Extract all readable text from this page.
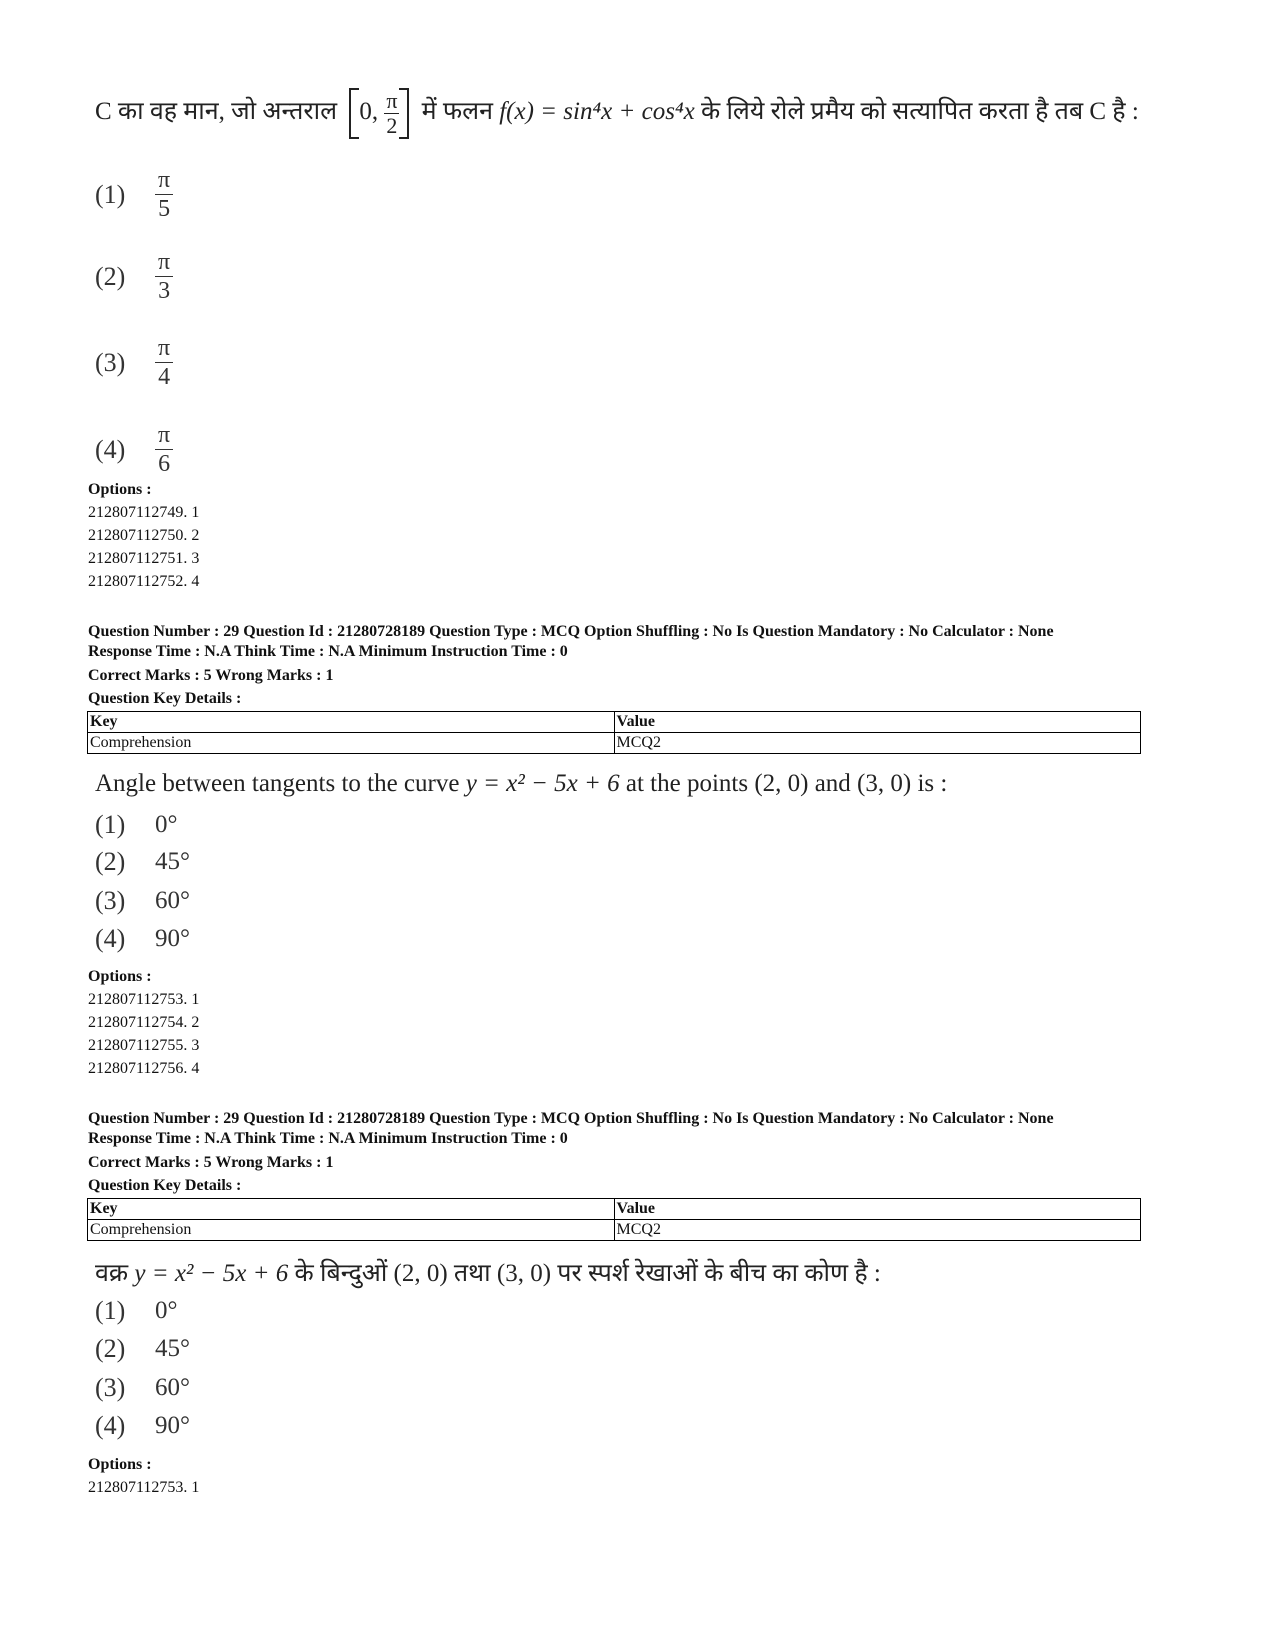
C का वह मान, जो अन्तराल 0, $\frac{\pi}{2}$ में फलन f(x) = sin⁴x + cos⁴x के लिये रोले प्रमैय को सत्यापित करता है तब C है :
(1)	$\frac{\pi}{5}$
(2)	$\frac{\pi}{3}$
(3)	$\frac{\pi}{4}$
(4)	$\frac{\pi}{6}$
Options :
212807112749. 1
212807112750. 2
212807112751. 3
212807112752. 4
Question Number : 29 Question Id : 21280728189 Question Type : MCQ Option Shuffling : No Is Question Mandatory : No Calculator : None
Response Time : N.A Think Time : N.A Minimum Instruction Time : 0
Correct Marks : 5 Wrong Marks : 1
Question Key Details :
Key	Value
Comprehension	MCQ2
Angle between tangents to the curve y = x² − 5x + 6 at the points (2, 0) and (3, 0) is :
(1)	0°
(2)	45°
(3)	60°
(4)	90°
Options :
212807112753. 1
212807112754. 2
212807112755. 3
212807112756. 4
Question Number : 29 Question Id : 21280728189 Question Type : MCQ Option Shuffling : No Is Question Mandatory : No Calculator : None
Response Time : N.A Think Time : N.A Minimum Instruction Time : 0
Correct Marks : 5 Wrong Marks : 1
Question Key Details :
Key	Value
Comprehension	MCQ2
वक्र y = x² − 5x + 6 के बिन्दुओं (2, 0) तथा (3, 0) पर स्पर्श रेखाओं के बीच का कोण है :
(1)	0°
(2)	45°
(3)	60°
(4)	90°
Options :
212807112753. 1
